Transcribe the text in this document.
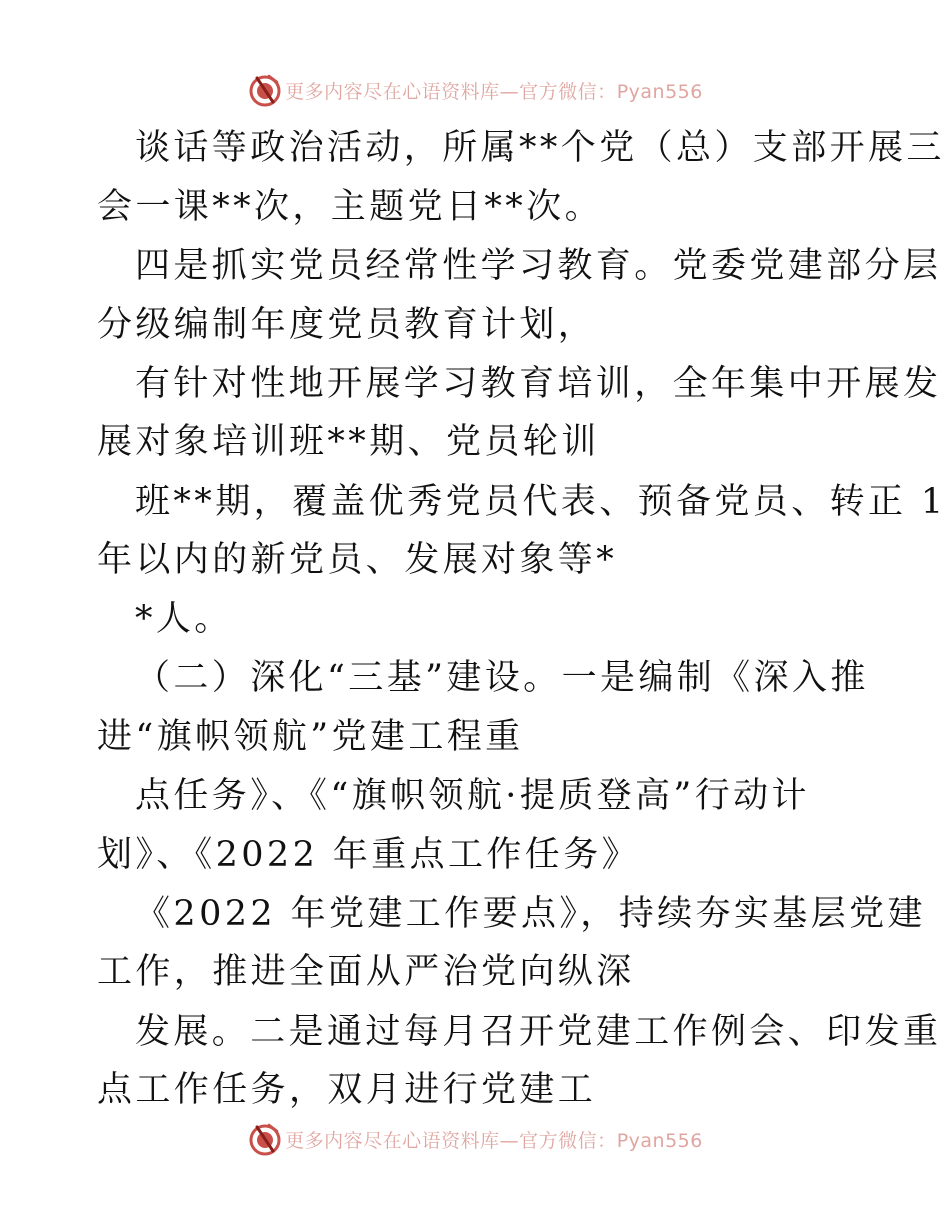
更多内容尽在心语资料库—官方微信：Pyan556
谈话等政治活动，所属**个党（总）支部开展三
会一课**次，主题党日**次。
四是抓实党员经常性学习教育。党委党建部分层
分级编制年度党员教育计划，
有针对性地开展学习教育培训，全年集中开展发
展对象培训班**期、党员轮训
班**期，覆盖优秀党员代表、预备党员、转正 1
年以内的新党员、发展对象等*
*人。
（二）深化“三基”建设。一是编制《深入推
进“旗帜领航”党建工程重
点任务》、《“旗帜领航·提质登高”行动计
划》、《2022 年重点工作任务》
《2022 年党建工作要点》，持续夯实基层党建
工作，推进全面从严治党向纵深
发展。二是通过每月召开党建工作例会、印发重
点工作任务，双月进行党建工
更多内容尽在心语资料库—官方微信：Pyan556
